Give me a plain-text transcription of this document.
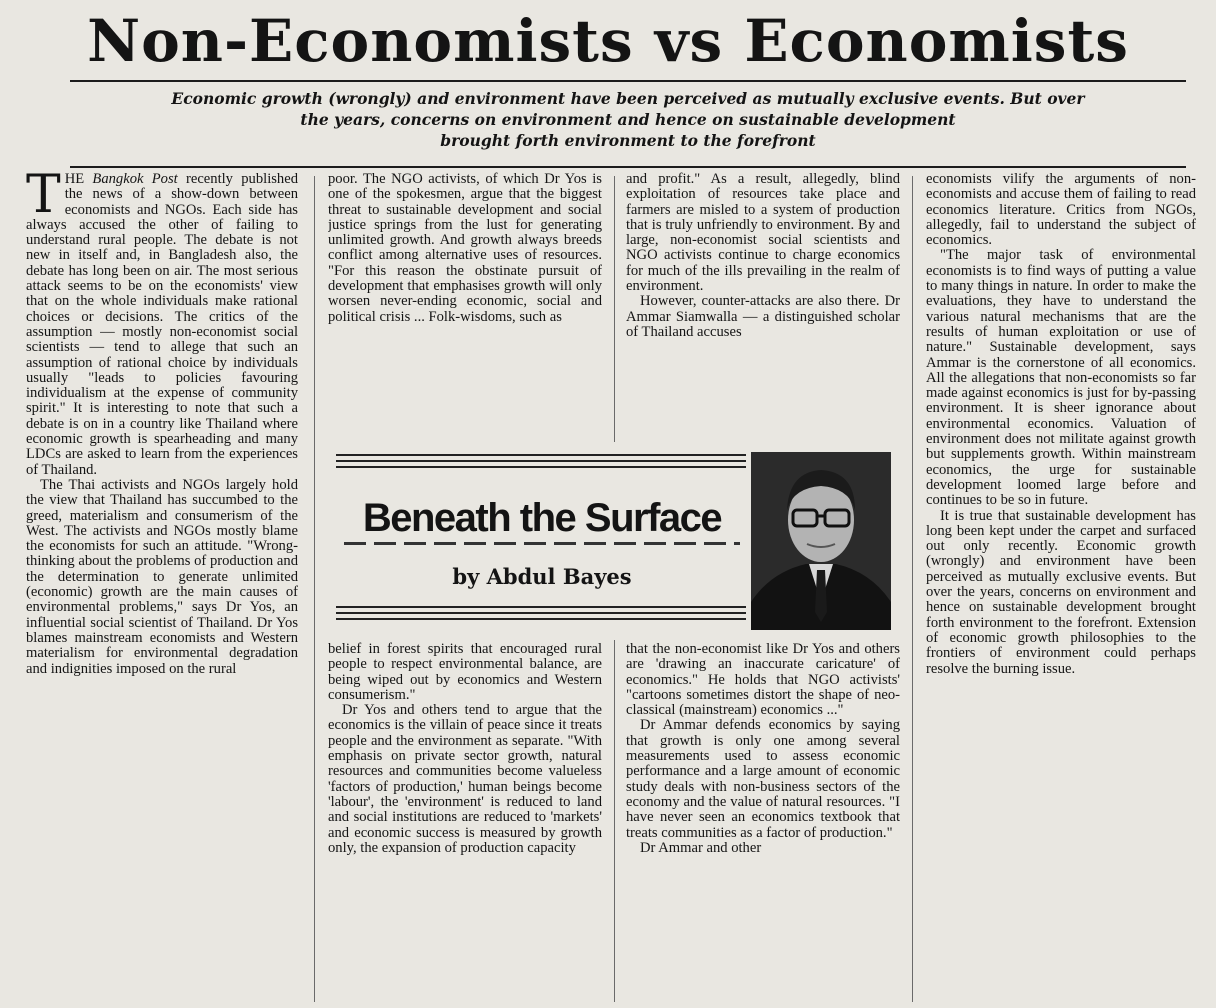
Non-Economists vs Economists
Economic growth (wrongly) and environment have been perceived as mutually exclusive events. But over
the years, concerns on environment and hence on sustainable development
brought forth environment to the forefront

THE Bangkok Post recently published the news of a show-down between economists and NGOs. Each side has always accused the other of failing to understand rural people. The debate is not new in itself and, in Bangladesh also, the debate has long been on air. The most serious attack seems to be on the economists' view that on the whole individuals make rational choices or decisions. The critics of the assumption — mostly non-economist social scientists — tend to allege that such an assumption of rational choice by individuals usually "leads to policies favouring individualism at the expense of community spirit." It is interesting to note that such a debate is on in a country like Thailand where economic growth is spearheading and many LDCs are asked to learn from the experiences of Thailand.

The Thai activists and NGOs largely hold the view that Thailand has succumbed to the greed, materialism and consumerism of the West. The activists and NGOs mostly blame the economists for such an attitude. "Wrong-thinking about the problems of production and the determination to generate unlimited (economic) growth are the main causes of environmental problems," says Dr Yos, an influential social scientist of Thailand. Dr Yos blames mainstream economists and Western materialism for environmental degradation and indignities imposed on the rural

poor. The NGO activists, of which Dr Yos is one of the spokesmen, argue that the biggest threat to sustainable development and social justice springs from the lust for generating unlimited growth. And growth always breeds conflict among alternative uses of resources. "For this reason the obstinate pursuit of development that emphasises growth will only worsen never-ending economic, social and political crisis ... Folk-wisdoms, such as

and profit." As a result, allegedly, blind exploitation of resources take place and farmers are misled to a system of production that is truly unfriendly to environment. By and large, non-economist social scientists and NGO activists continue to charge economics for much of the ills prevailing in the realm of environment.

However, counter-attacks are also there. Dr Ammar Siamwalla — a distinguished scholar of Thailand accuses

Beneath the Surface
by Abdul Bayes

belief in forest spirits that encouraged rural people to respect environmental balance, are being wiped out by economics and Western consumerism."

Dr Yos and others tend to argue that the economics is the villain of peace since it treats people and the environment as separate. "With emphasis on private sector growth, natural resources and communities become valueless 'factors of production,' human beings become 'labour', the 'environment' is reduced to land and social institutions are reduced to 'markets' and economic success is measured by growth only, the expansion of production capacity

that the non-economist like Dr Yos and others are 'drawing an inaccurate caricature' of economics." He holds that NGO activists' "cartoons sometimes distort the shape of neo-classical (mainstream) economics ..."

Dr Ammar defends economics by saying that growth is only one among several measurements used to assess economic performance and a large amount of economic study deals with non-business sectors of the economy and the value of natural resources. "I have never seen an economics textbook that treats communities as a factor of production."

Dr Ammar and other

economists vilify the arguments of non-economists and accuse them of failing to read economics literature. Critics from NGOs, allegedly, fail to understand the subject of economics.

"The major task of environmental economists is to find ways of putting a value to many things in nature. In order to make the evaluations, they have to understand the various natural mechanisms that are the results of human exploitation or use of nature." Sustainable development, says Ammar is the cornerstone of all economics. All the allegations that non-economists so far made against economics is just for by-passing environment. It is sheer ignorance about environmental economics. Valuation of environment does not militate against growth but supplements growth. Within mainstream economics, the urge for sustainable development loomed large before and continues to be so in future.

It is true that sustainable development has long been kept under the carpet and surfaced out only recently. Economic growth (wrongly) and environment have been perceived as mutually exclusive events. But over the years, concerns on environment and hence on sustainable development brought forth environment to the forefront. Extension of economic growth philosophies to the frontiers of environment could perhaps resolve the burning issue.
